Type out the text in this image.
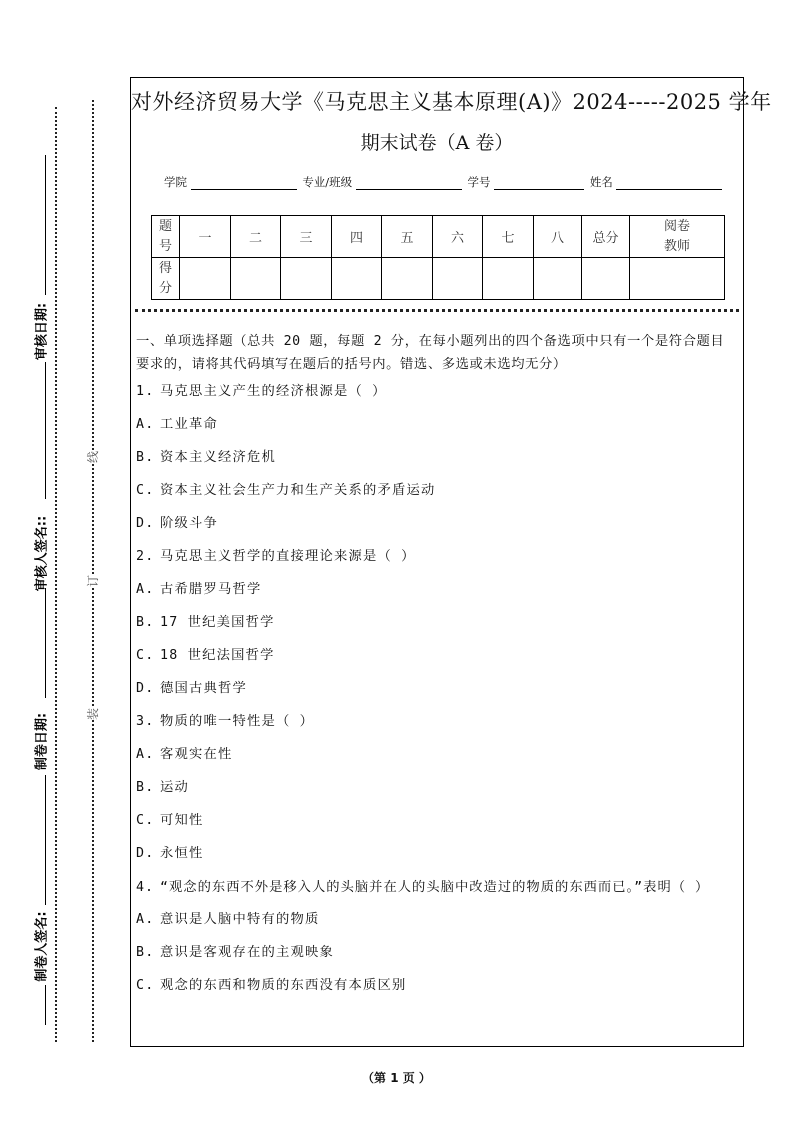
审核日期:
审核人签名::
制卷日期:
制卷人签名:
线
订
装
对外经济贸易大学《马克思主义基本原理(A)》2024-----2025 学年
期末试卷（A 卷）
学院	专业/班级	学号	姓名
题号	一	二	三	四	五	六	七	八	总分	阅卷教师

得分										

一、单项选择题（总共 20 题，每题 2 分，在每小题列出的四个备选项中只有一个是符合题目要求的，请将其代码填写在题后的括号内。错选、多选或未选均无分）
1. 马克思主义产生的经济根源是（ ）
A. 工业革命
B. 资本主义经济危机
C. 资本主义社会生产力和生产关系的矛盾运动
D. 阶级斗争
2. 马克思主义哲学的直接理论来源是（ ）
A. 古希腊罗马哲学
B. 17 世纪美国哲学
C. 18 世纪法国哲学
D. 德国古典哲学
3. 物质的唯一特性是（ ）
A. 客观实在性
B. 运动
C. 可知性
D. 永恒性
4. “观念的东西不外是移入人的头脑并在人的头脑中改造过的物质的东西而已。”表明（ ）
A. 意识是人脑中特有的物质
B. 意识是客观存在的主观映象
C. 观念的东西和物质的东西没有本质区别
（第 1 页 ）
